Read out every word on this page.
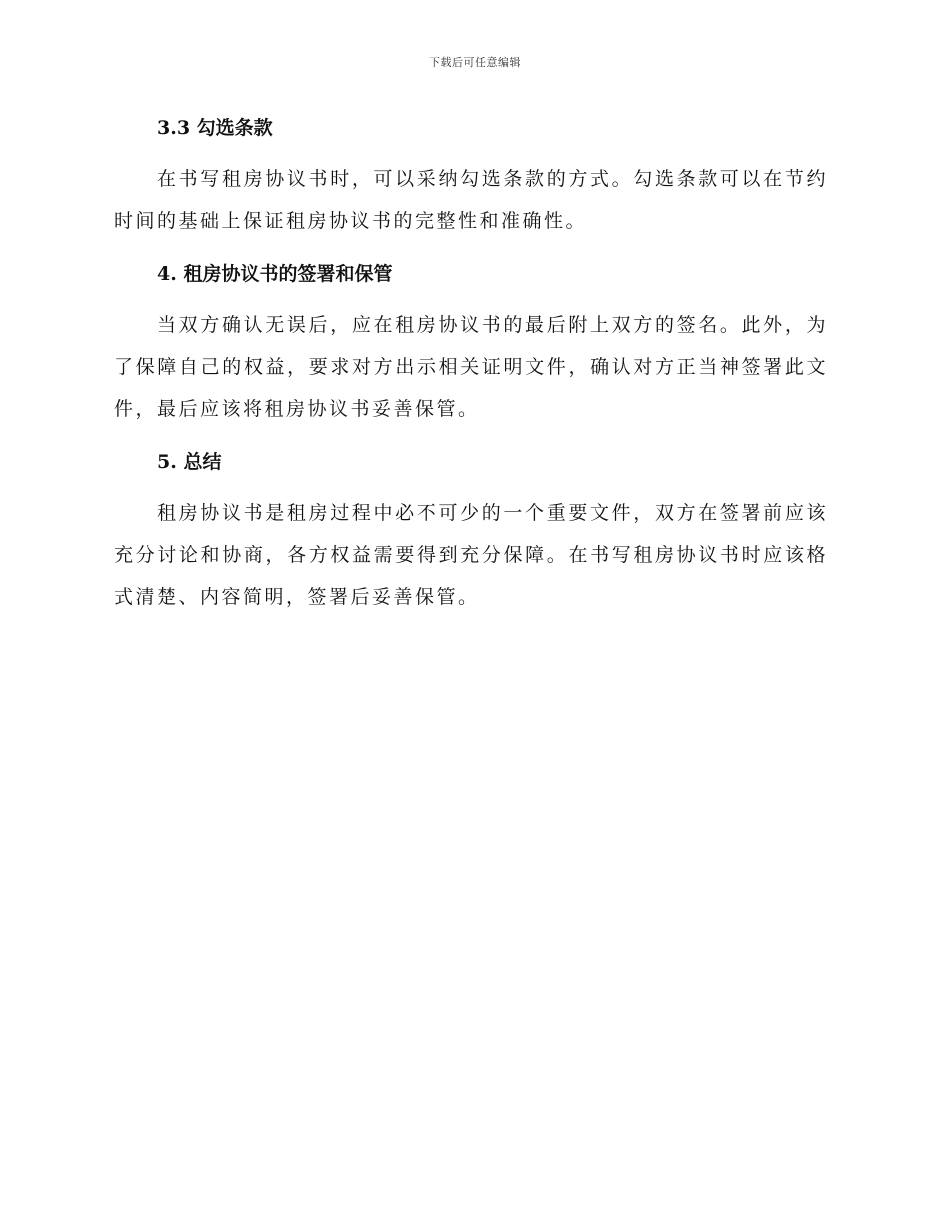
下载后可任意编辑
3.3 勾选条款

在书写租房协议书时，可以采纳勾选条款的方式。勾选条款可以在节约时间的基础上保证租房协议书的完整性和准确性。

4. 租房协议书的签署和保管

当双方确认无误后，应在租房协议书的最后附上双方的签名。此外，为了保障自己的权益，要求对方出示相关证明文件，确认对方正当神签署此文件，最后应该将租房协议书妥善保管。

5. 总结

租房协议书是租房过程中必不可少的一个重要文件，双方在签署前应该充分讨论和协商，各方权益需要得到充分保障。在书写租房协议书时应该格式清楚、内容简明，签署后妥善保管。
